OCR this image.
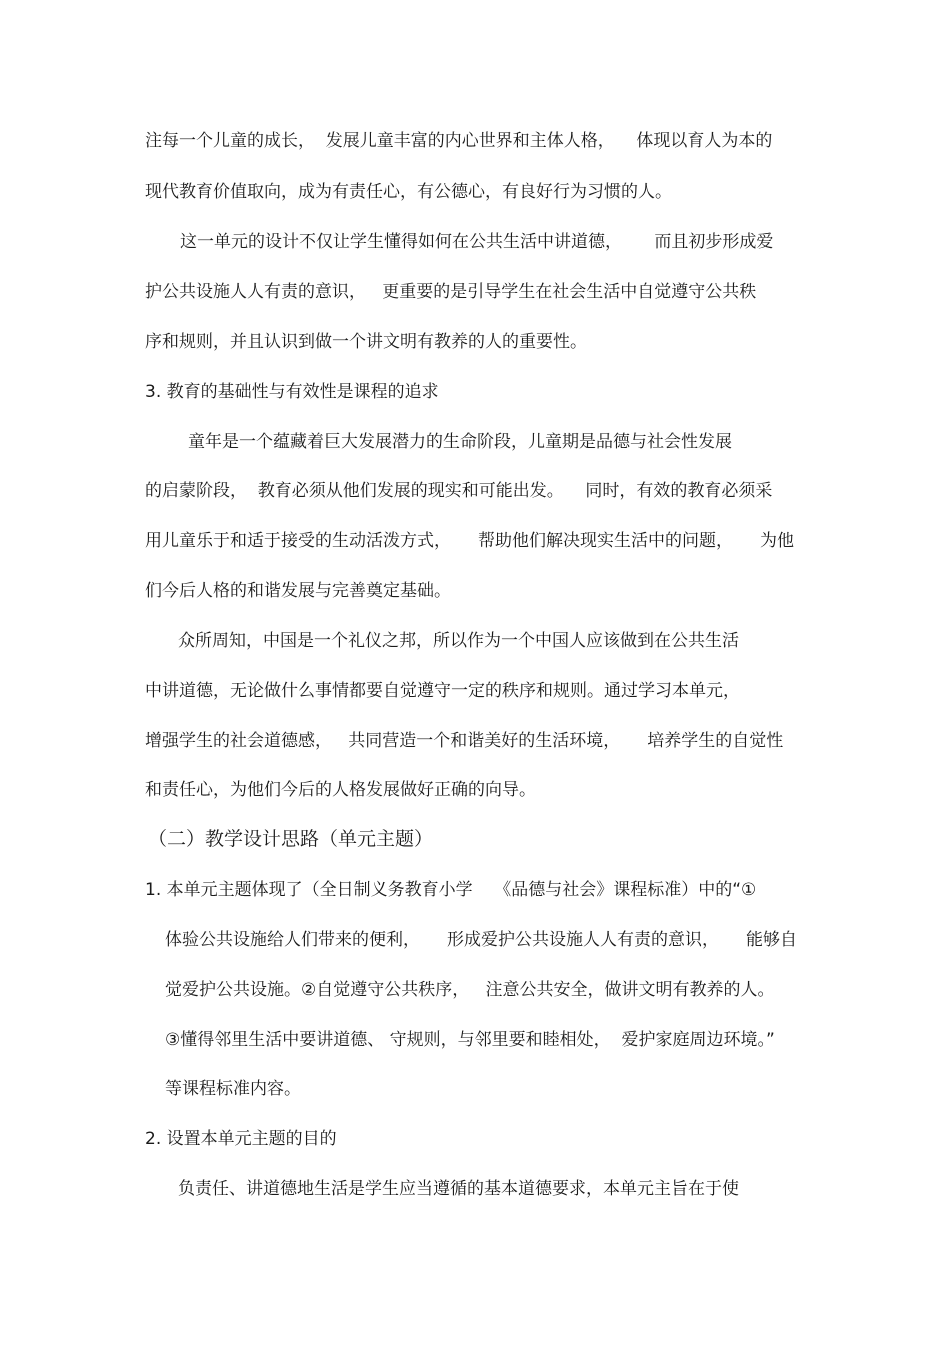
注每一个儿童的成长，  发展儿童丰富的内心世界和主体人格，    体现以育人为本的

现代教育价值取向，成为有责任心，有公德心，有良好行为习惯的人。

这一单元的设计不仅让学生懂得如何在公共生活中讲道德，      而且初步形成爱

护公共设施人人有责的意识，   更重要的是引导学生在社会生活中自觉遵守公共秩

序和规则，并且认识到做一个讲文明有教养的人的重要性。

3. 教育的基础性与有效性是课程的追求

童年是一个蕴藏着巨大发展潜力的生命阶段，儿童期是品德与社会性发展

的启蒙阶段，  教育必须从他们发展的现实和可能出发。    同时，有效的教育必须采

用儿童乐于和适于接受的生动活泼方式，     帮助他们解决现实生活中的问题，     为他

们今后人格的和谐发展与完善奠定基础。

众所周知，中国是一个礼仪之邦，所以作为一个中国人应该做到在公共生活

中讲道德，无论做什么事情都要自觉遵守一定的秩序和规则。通过学习本单元，

增强学生的社会道德感，   共同营造一个和谐美好的生活环境，     培养学生的自觉性

和责任心，为他们今后的人格发展做好正确的向导。

（二）教学设计思路（单元主题）

1. 本单元主题体现了（全日制义务教育小学    《品德与社会》课程标准）中的“①

体验公共设施给人们带来的便利，     形成爱护公共设施人人有责的意识，     能够自

觉爱护公共设施。②自觉遵守公共秩序，   注意公共安全，做讲文明有教养的人。

③懂得邻里生活中要讲道德、 守规则，与邻里要和睦相处，  爱护家庭周边环境。”

等课程标准内容。

2. 设置本单元主题的目的

负责任、讲道德地生活是学生应当遵循的基本道德要求，本单元主旨在于使
